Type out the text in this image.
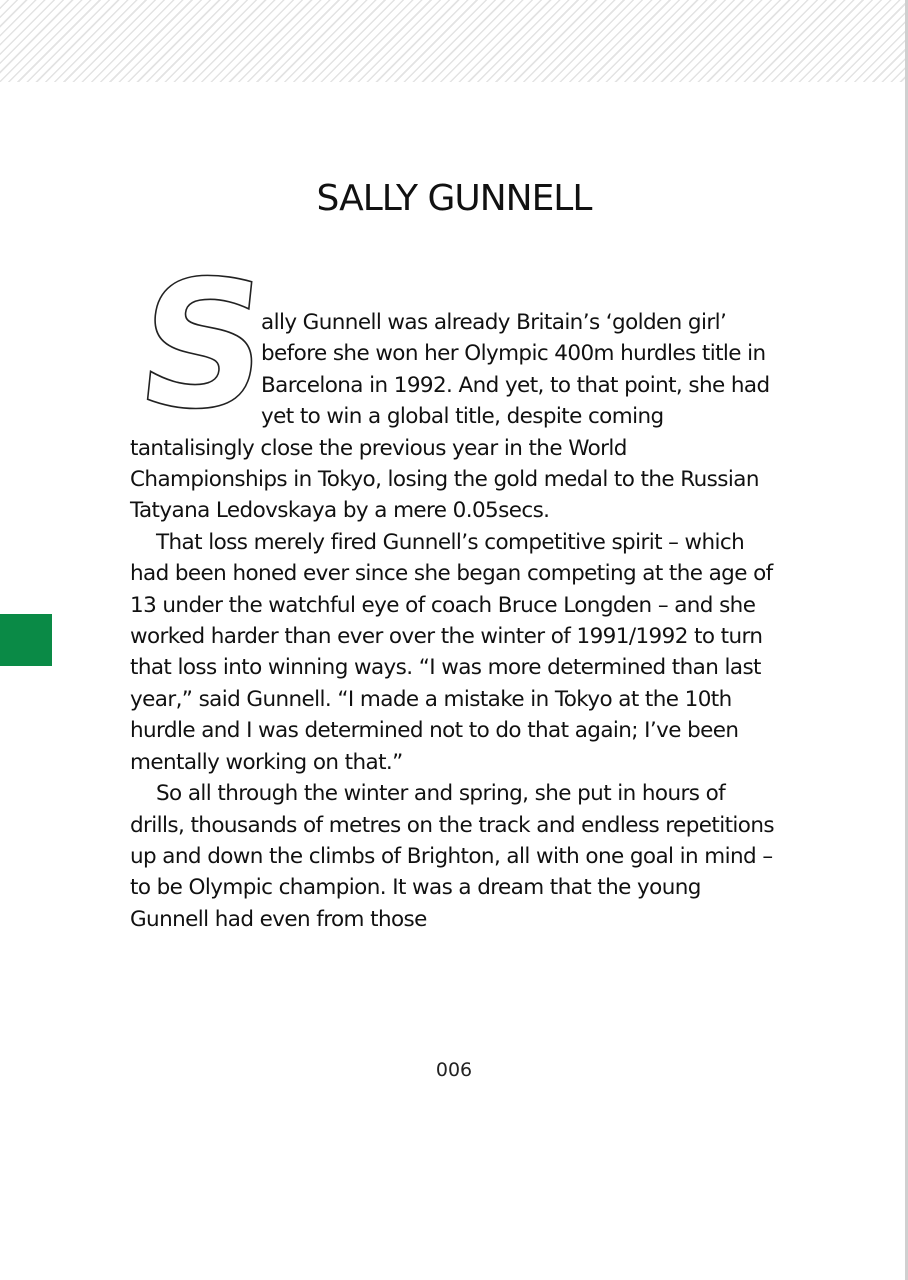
SALLY GUNNELL

S
ally Gunnell was already Britain’s ‘golden girl’ before she won her Olympic 400m hurdles title in Barcelona in 1992. And yet, to that point, she had yet to win a global title, despite coming tantalisingly close the previous year in the World Championships in Tokyo, losing the gold medal to the Russian Tatyana Ledovskaya by a mere 0.05secs.

That loss merely fired Gunnell’s competitive spirit – which had been honed ever since she began competing at the age of 13 under the watchful eye of coach Bruce Longden – and she worked harder than ever over the winter of 1991/1992 to turn that loss into winning ways. “I was more determined than last year,” said Gunnell. “I made a mistake in Tokyo at the 10th hurdle and I was determined not to do that again; I’ve been mentally working on that.”

So all through the winter and spring, she put in hours of drills, thousands of metres on the track and endless repetitions up and down the climbs of Brighton, all with one goal in mind – to be Olympic champion. It was a dream that the young Gunnell had even from those

006
